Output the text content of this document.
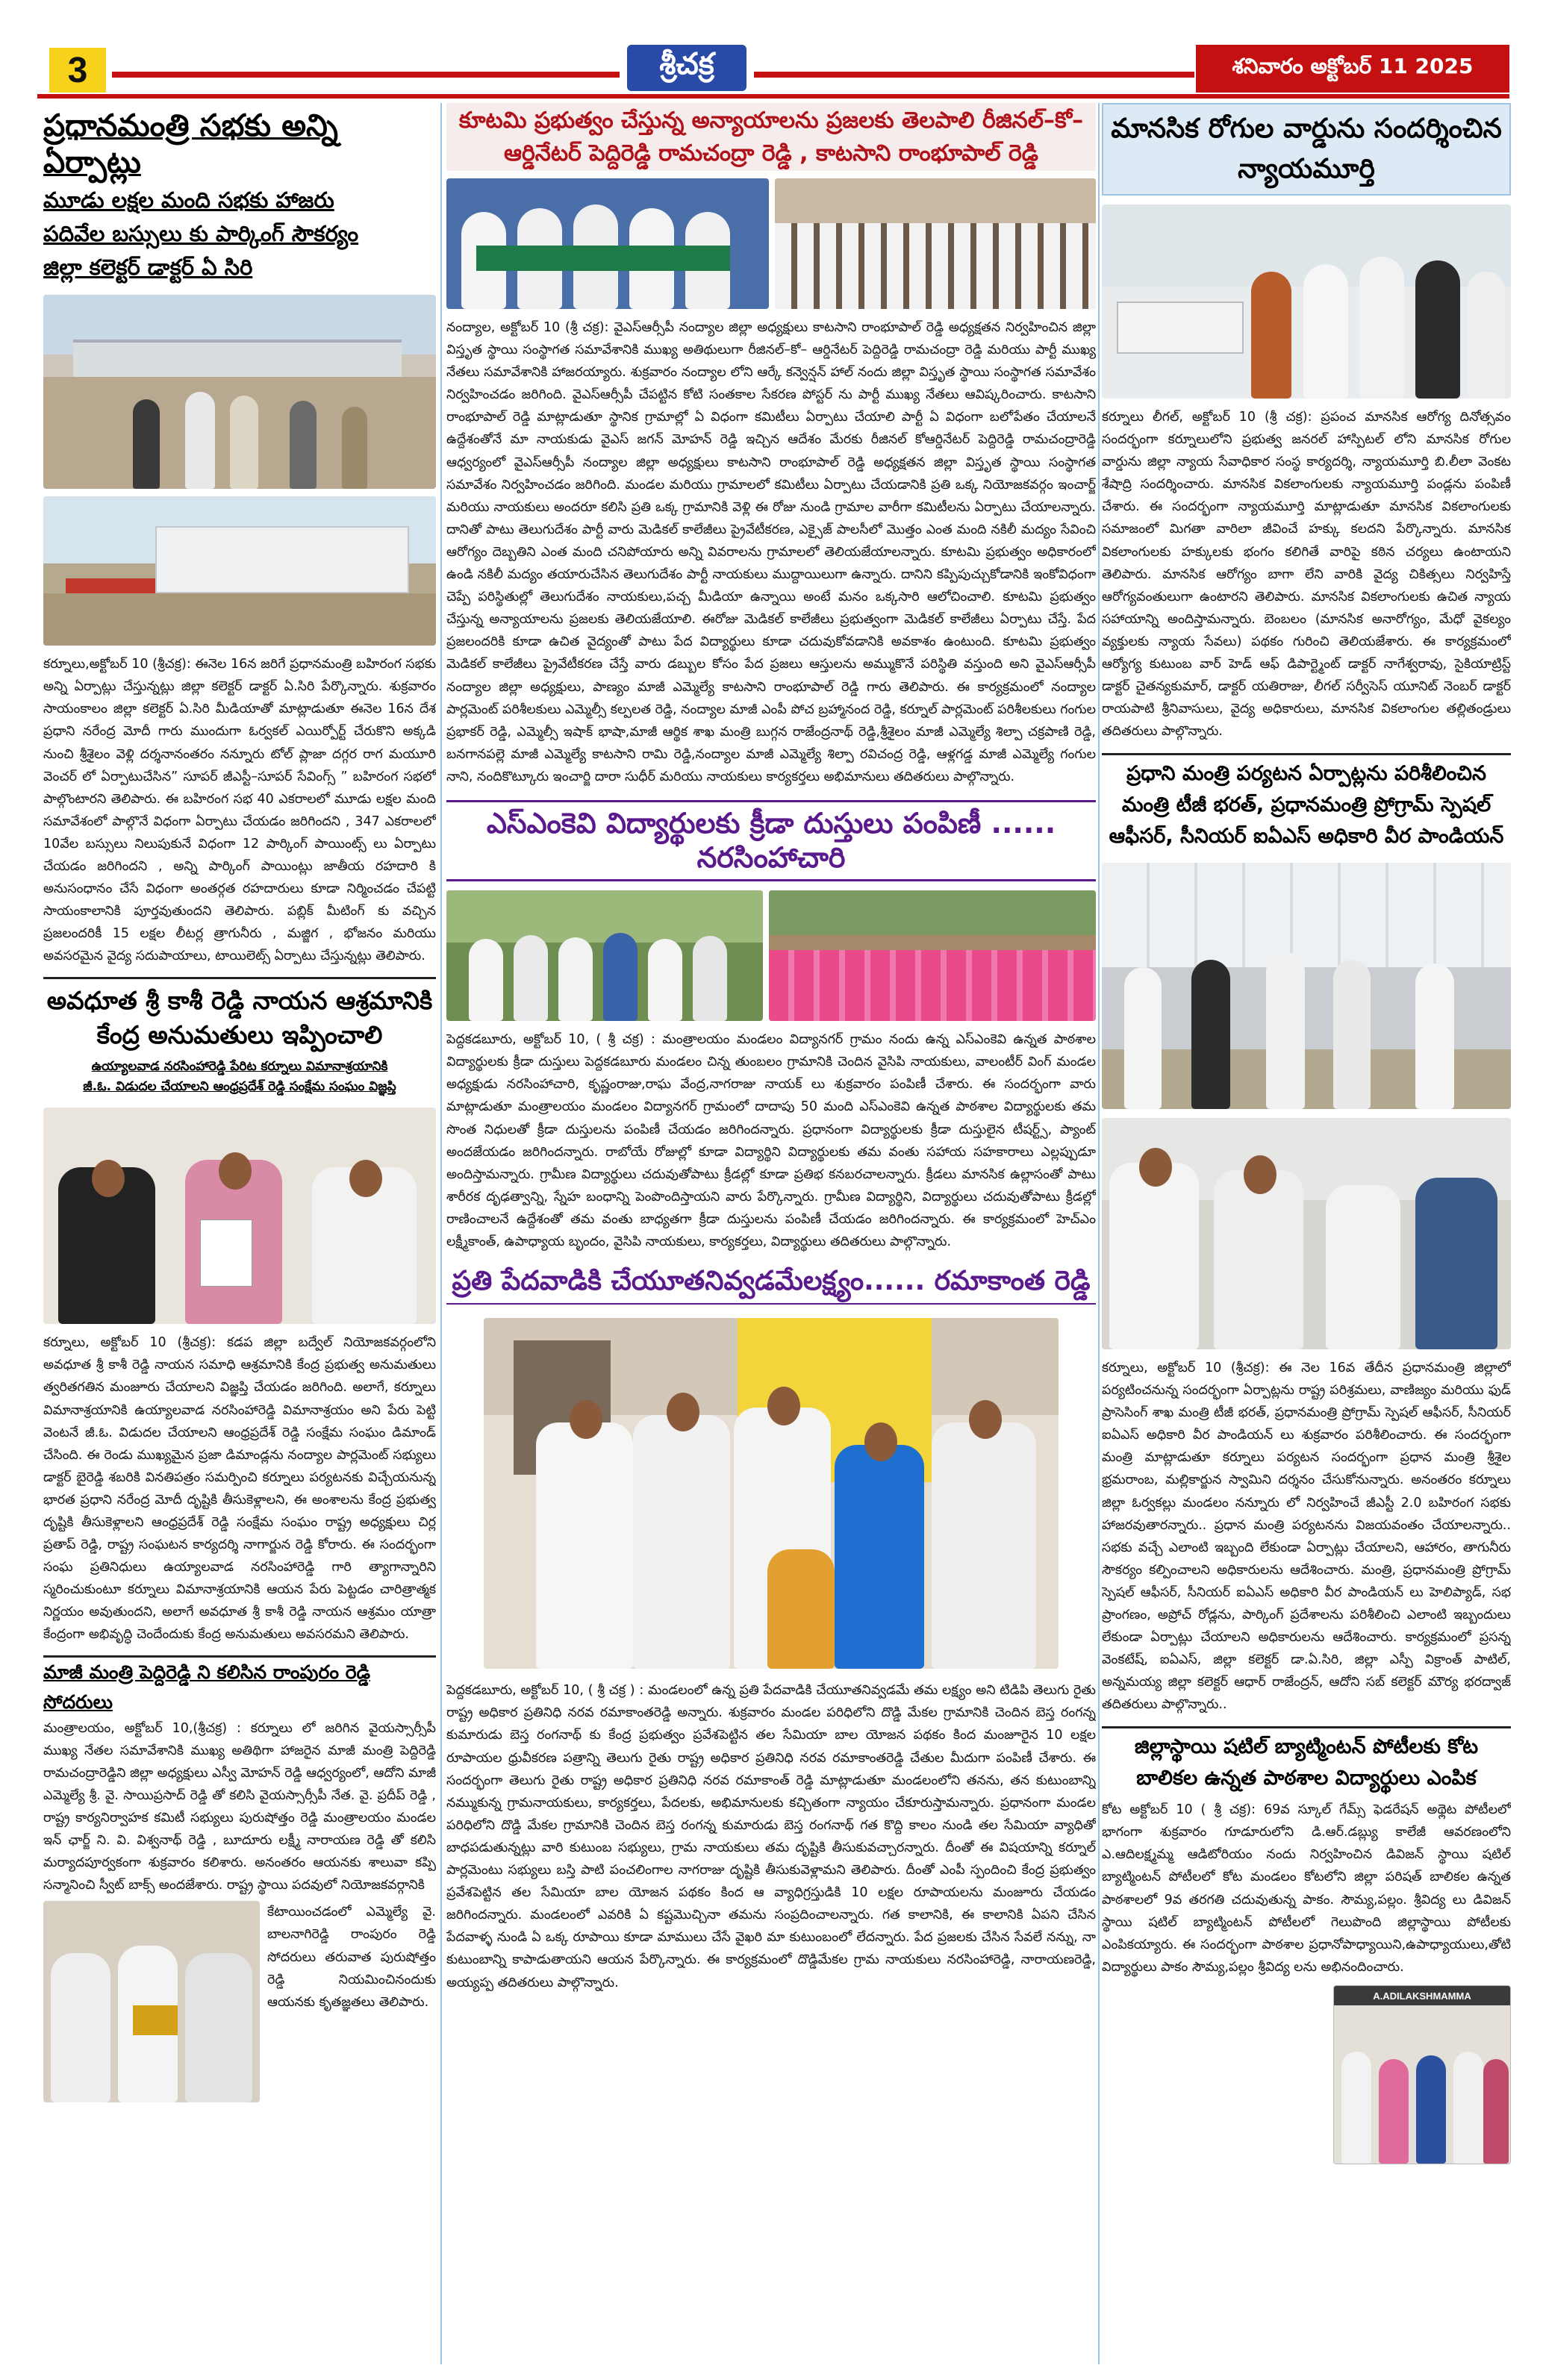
3	శ్రీచక్ర	శనివారం అక్టోబర్ 11 2025
ప్రధానమంత్రి సభకు అన్ని ఏర్పాట్లు
మూడు లక్షల మంది సభకు హాజరు
పదివేల బస్సులు కు పార్కింగ్ సౌకర్యం
జిల్లా కలెక్టర్ డాక్టర్ ఏ సిరి
కర్నూలు,అక్టోబర్ 10 (శ్రీచక్ర): ఈనెల 16న జరిగే ప్రధానమంత్రి బహిరంగ సభకు అన్ని ఏర్పాట్లు చేస్తున్నట్లు జిల్లా కలెక్టర్ డాక్టర్ ఏ.సిరి పేర్కొన్నారు. శుక్రవారం సాయంకాలం జిల్లా కలెక్టర్ ఏ.సిరి మీడియాతో మాట్లాడుతూ ఈనెల 16న దేశ ప్రధాని నరేంద్ర మోదీ గారు ముందుగా ఓర్వకల్ ఎయిర్పోర్ట్ చేరుకొని అక్కడి నుంచి శ్రీశైలం వెళ్లి దర్శనానంతరం నన్నూరు టోల్ ప్లాజా దగ్గర రాగ మయూరి వెంచర్ లో ఏర్పాటుచేసిన” సూపర్ జీఎస్టీ–సూపర్ సేవింగ్స్ ” బహిరంగ సభలో పాల్గొంటారని తెలిపారు. ఈ బహిరంగ సభ 40 ఎకరాలలో మూడు లక్షల మంది సమావేశంలో పాల్గొనే విధంగా ఏర్పాటు చేయడం జరిగిందని , 347 ఎకరాలలో 10వేల బస్సులు నిలుపుకునే విధంగా 12 పార్కింగ్ పాయింట్స్ లు ఏర్పాటు చేయడం జరిగిందని , అన్ని పార్కింగ్ పాయింట్లు జాతీయ రహదారి కి అనుసంధానం చేసే విధంగా అంతర్గత రహదారులు కూడా నిర్మించడం చేపట్టి సాయంకాలానికి పూర్తవుతుందని తెలిపారు. పబ్లిక్ మీటింగ్ కు వచ్చిన ప్రజలందరికీ 15 లక్షల లీటర్ల త్రాగునీరు , మజ్జిగ , భోజనం మరియు అవసరమైన వైద్య సదుపాయాలు, టాయిలెట్స్ ఏర్పాటు చేస్తున్నట్లు తెలిపారు.
అవధూత శ్రీ కాశీ రెడ్డి నాయన ఆశ్రమానికి కేంద్ర అనుమతులు ఇప్పించాలి
ఉయ్యాలవాడ నరసింహారెడ్డి పేరిట కర్నూలు విమానాశ్రయానికి
జీ.ఓ. విడుదల చేయాలని ఆంధ్రప్రదేశ్ రెడ్డి సంక్షేమ సంఘం విజ్ఞప్తి
కర్నూలు, అక్టోబర్ 10 (శ్రీచక్ర): కడప జిల్లా బద్వేల్ నియోజకవర్గంలోని అవధూత శ్రీ కాశీ రెడ్డి నాయన సమాధి ఆశ్రమానికి కేంద్ర ప్రభుత్వ అనుమతులు త్వరితగతిన మంజూరు చేయాలని విజ్ఞప్తి చేయడం జరిగింది. అలాగే, కర్నూలు విమానాశ్రయానికి ఉయ్యాలవాడ నరసింహారెడ్డి విమానాశ్రయం అని పేరు పెట్టి వెంటనే జీ.ఓ. విడుదల చేయాలని ఆంధ్రప్రదేశ్ రెడ్డి సంక్షేమ సంఘం డిమాండ్ చేసింది. ఈ రెండు ముఖ్యమైన ప్రజా డిమాండ్లను నంద్యాల పార్లమెంట్ సభ్యులు డాక్టర్ బైరెడ్డి శబరికి వినతిపత్రం సమర్పించి కర్నూలు పర్యటనకు విచ్చేయనున్న భారత ప్రధాని నరేంద్ర మోదీ దృష్టికి తీసుకెళ్లాలని, ఈ అంశాలను కేంద్ర ప్రభుత్వ దృష్టికి తీసుకెళ్లాలని ఆంధ్రప్రదేశ్ రెడ్డి సంక్షేమ సంఘం రాష్ట్ర అధ్యక్షులు చిర్ల ప్రతాప్ రెడ్డి, రాష్ట్ర సంఘటన కార్యదర్శి నాగార్జున రెడ్డి కోరారు. ఈ సందర్భంగా సంఘ ప్రతినిధులు ఉయ్యాలవాడ నరసింహారెడ్డి గారి త్యాగాన్నారిని స్మరించుకుంటూ కర్నూలు విమానాశ్రయానికి ఆయన పేరు పెట్టడం చారిత్రాత్మక నిర్ణయం అవుతుందని, అలాగే అవధూత శ్రీ కాశీ రెడ్డి నాయన ఆశ్రమం యాత్రా కేంద్రంగా అభివృద్ధి చెందేందుకు కేంద్ర అనుమతులు అవసరమని తెలిపారు.
మాజీ మంత్రి పెద్దిరెడ్డి ని కలిసిన రాంపురం రెడ్డి సోదరులు
మంత్రాలయం, అక్టోబర్ 10,(శ్రీచక్ర) : కర్నూలు లో జరిగిన వైయస్సార్సీపీ ముఖ్య నేతల సమావేశానికి ముఖ్య అతిథిగా హాజరైన మాజీ మంత్రి పెద్దిరెడ్డి రామచంద్రారెడ్డిని జిల్లా అధ్యక్షులు ఎస్వీ మోహన్ రెడ్డి ఆధ్వర్యంలో, ఆదోని మాజీ ఎమ్మెల్యే శ్రీ. వై. సాయిప్రసాద్ రెడ్డి తో కలిసి వైయస్సార్సీపీ నేత. వై. ప్రదీప్ రెడ్డి , రాష్ట్ర కార్యనిర్వాహక కమిటీ సభ్యులు పురుషోత్తం రెడ్డి మంత్రాలయం మండల ఇన్ ఛార్జ్ ని. వి. విశ్వనాథ్ రెడ్డి , బూదూరు లక్ష్మీ నారాయణ రెడ్డి తో కలిసి మర్యాదపూర్వకంగా శుక్రవారం కలిశారు. అనంతరం ఆయనకు శాలువా కప్పి సన్మానించి స్వీట్ బాక్స్ అందజేశారు. రాష్ట్ర స్థాయి పదవులో నియోజకవర్గానికి
కేటాయించడంలో ఎమ్మెల్యే వై. బాలనాగిరెడ్డి రాంపురం రెడ్డి సోదరులు తరువాత పురుషోత్తం రెడ్డి నియమించినందుకు ఆయనకు కృతజ్ఞతలు తెలిపారు.
కూటమి ప్రభుత్వం చేస్తున్న అన్యాయాలను ప్రజలకు తెలపాలి రీజినల్–కో–ఆర్డినేటర్ పెద్దిరెడ్డి రామచంద్రా రెడ్డి , కాటసాని రాంభూపాల్ రెడ్డి
నంద్యాల, అక్టోబర్ 10 (శ్రీ చక్ర): వైఎస్ఆర్సీపీ నంద్యాల జిల్లా అధ్యక్షులు కాటసాని రాంభూపాల్ రెడ్డి అధ్యక్షతన నిర్వహించిన జిల్లా విస్తృత స్థాయి సంస్థాగత సమావేశానికి ముఖ్య అతిథులుగా రీజినల్–కో– ఆర్డినేటర్ పెద్దిరెడ్డి రామచంద్రా రెడ్డి మరియు పార్టీ ముఖ్య నేతలు సమావేశానికి హాజరయ్యారు. శుక్రవారం నంద్యాల లోని ఆర్కే కన్వెన్షన్ హాల్ నందు జిల్లా విస్తృత స్థాయి సంస్థాగత సమావేశం నిర్వహించడం జరిగింది. వైఎస్ఆర్సీపీ చేపట్టిన కోటి సంతకాల సేకరణ పోస్టర్ ను పార్టీ ముఖ్య నేతలు ఆవిష్కరించారు. కాటసాని రాంభూపాల్ రెడ్డి మాట్లాడుతూ స్థానిక గ్రామాల్లో ఏ విధంగా కమిటీలు ఏర్పాటు చేయాలి పార్టీ ఏ విధంగా బలోపేతం చేయాలనే ఉద్దేశంతోనే మా నాయకుడు వైఎస్ జగన్ మోహన్ రెడ్డి ఇచ్చిన ఆదేశం మేరకు రీజినల్ కోఆర్డినేటర్ పెద్దిరెడ్డి రామచంద్రారెడ్డి ఆధ్వర్యంలో వైఎస్ఆర్సీపీ నంద్యాల జిల్లా అధ్యక్షులు కాటసాని రాంభూపాల్ రెడ్డి అధ్యక్షతన జిల్లా విస్తృత స్థాయి సంస్థాగత సమావేశం నిర్వహించడం జరిగింది. మండల మరియు గ్రామాలలో కమిటీలు ఏర్పాటు చేయడానికి ప్రతి ఒక్క నియోజకవర్గం ఇంచార్జ్ మరియు నాయకులు అందరూ కలిసి ప్రతి ఒక్క గ్రామానికి వెళ్లి ఈ రోజు నుండి గ్రామాల వారీగా కమిటీలను ఏర్పాటు చేయాలన్నారు. దానితో పాటు తెలుగుదేశం పార్టీ వారు మెడికల్ కాలేజీలు ప్రైవేటీకరణ, ఎక్సైజ్ పాలసీలో మొత్తం ఎంత మంది నకిలీ మద్యం సేవించి ఆరోగ్యం దెబ్బతిని ఎంత మంది చనిపోయారు అన్ని వివరాలను గ్రామాలలో తెలియజేయాలన్నారు. కూటమి ప్రభుత్వం అధికారంలో ఉండి నకిలీ మద్యం తయారుచేసిన తెలుగుదేశం పార్టీ నాయకులు ముద్దాయిలుగా ఉన్నారు. దానిని కప్పిపుచ్చుకోడానికి ఇంకోవిధంగా చెప్పే పరిస్థితుల్లో తెలుగుదేశం నాయకులు,పచ్చ మీడియా ఉన్నాయి అంటే మనం ఒక్కసారి ఆలోచించాలి. కూటమి ప్రభుత్వం చేస్తున్న అన్యాయాలను ప్రజలకు తెలియజేయాలి. ఈరోజు మెడికల్ కాలేజీలు ప్రభుత్వంగా మెడికల్ కాలేజీలు ఏర్పాటు చేస్తే. పేద ప్రజలందరికి కూడా ఉచిత వైద్యంతో పాటు పేద విద్యార్థులు కూడా చదువుకోవడానికి అవకాశం ఉంటుంది. కూటమి ప్రభుత్వం మెడికల్ కాలేజీలు ప్రైవేటీకరణ చేస్తే వారు డబ్బుల కోసం పేద ప్రజలు ఆస్తులను అమ్ముకొనే పరిస్థితి వస్తుంది అని వైఎస్ఆర్సీపీ నంద్యాల జిల్లా అధ్యక్షులు, పాణ్యం మాజీ ఎమ్మెల్యే కాటసాని రాంభూపాల్ రెడ్డి గారు తెలిపారు. ఈ కార్యక్రమంలో నంద్యాల పార్లమెంట్ పరిశీలకులు ఎమ్మెల్సీ కల్పలత రెడ్డి, నంద్యాల మాజీ ఎంపీ పోచ బ్రహ్మానంద రెడ్డి, కర్నూల్ పార్లమెంట్ పరిశీలకులు గంగుల ప్రభాకర్ రెడ్డి, ఎమ్మెల్సీ ఇషాక్ భాషా,మాజీ ఆర్థిక శాఖ మంత్రి బుగ్గన రాజేంద్రనాథ్ రెడ్డి,శ్రీశైలం మాజీ ఎమ్మెల్యే శిల్పా చక్రపాణి రెడ్డి, బనగానపల్లె మాజీ ఎమ్మెల్యే కాటసాని రామి రెడ్డి,నంద్యాల మాజీ ఎమ్మెల్యే శిల్పా రవిచంద్ర రెడ్డి, ఆళ్లగడ్డ మాజీ ఎమ్మెల్యే గంగుల నాని, నందికొట్కూరు ఇంచార్జి దారా సుధీర్ మరియు నాయకులు కార్యకర్తలు అభిమానులు తదితరులు పాల్గొన్నారు.
ఎస్ఎంకెవి విద్యార్థులకు క్రీడా దుస్తులు పంపిణీ ...... నరసింహాచారి
పెద్దకడబూరు, అక్టోబర్ 10, ( శ్రీ చక్ర) : మంత్రాలయం మండలం విద్యానగర్ గ్రామం నందు ఉన్న ఎస్ఎంకెవి ఉన్నత పాఠశాల విద్యార్థులకు క్రీడా దుస్తులు పెద్దకడబూరు మండలం చిన్న తుంబలం గ్రామానికి చెందిన వైసిపి నాయకులు, వాలంటీర్ వింగ్ మండల అధ్యక్షుడు నరసింహాచారి, కృష్ణంరాజు,రాఘ వేంద్ర,నాగరాజు నాయక్ లు శుక్రవారం పంపిణీ చేశారు. ఈ సందర్భంగా వారు మాట్లాడుతూ మంత్రాలయం మండలం విద్యానగర్ గ్రామంలో దాదాపు 50 మంది ఎస్ఎంకెవి ఉన్నత పాఠశాల విద్యార్థులకు తమ సొంత నిధులతో క్రీడా దుస్తులను పంపిణీ చేయడం జరిగిందన్నారు. ప్రధానంగా విద్యార్థులకు క్రీడా దుస్తులైన టీషర్ట్స్, ప్యాంట్ అందజేయడం జరిగిందన్నారు. రాబోయే రోజుల్లో కూడా విద్యార్థిని విద్యార్థులకు తమ వంతు సహాయ సహకారాలు ఎల్లప్పుడూ అందిస్తామన్నారు. గ్రామీణ విద్యార్థులు చదువుతోపాటు క్రీడల్లో కూడా ప్రతిభ కనబరచాలన్నారు. క్రీడలు మానసిక ఉల్లాసంతో పాటు శారీరక దృఢత్వాన్ని, స్నేహ బంధాన్ని పెంపొందిస్తాయని వారు పేర్కొన్నారు. గ్రామీణ విద్యార్థిని, విద్యార్థులు చదువుతోపాటు క్రీడల్లో రాణించాలనే ఉద్దేశంతో తమ వంతు బాధ్యతగా క్రీడా దుస్తులను పంపిణీ చేయడం జరిగిందన్నారు. ఈ కార్యక్రమంలో హెచ్ఎం లక్ష్మీకాంత్, ఉపాధ్యాయ బృందం, వైసిపి నాయకులు, కార్యకర్తలు, విద్యార్థులు తదితరులు పాల్గొన్నారు.
ప్రతి పేదవాడికి చేయూతనివ్వడమేలక్ష్యం...... రమాకాంత రెడ్డి
పెద్దకడబూరు, అక్టోబర్ 10, ( శ్రీ చక్ర ) : మండలంలో ఉన్న ప్రతి పేదవాడికి చేయూతనివ్వడమే తమ లక్ష్యం అని టిడిపి తెలుగు రైతు రాష్ట్ర అధికార ప్రతినిధి నరవ రమాకాంతరెడ్డి అన్నారు. శుక్రవారం మండల పరిధిలోని దొడ్డి మేకల గ్రామానికి చెందిన బెస్త రంగన్న కుమారుడు బెస్త రంగనాథ్ కు కేంద్ర ప్రభుత్వం ప్రవేశపెట్టిన తల సేమియా బాల యోజన పథకం కింద మంజూరైన 10 లక్షల రూపాయల ధ్రువీకరణ పత్రాన్ని తెలుగు రైతు రాష్ట్ర అధికార ప్రతినిధి నరవ రమాకాంతరెడ్డి చేతుల మీదుగా పంపిణీ చేశారు. ఈ సందర్భంగా తెలుగు రైతు రాష్ట్ర అధికార ప్రతినిధి నరవ రమాకాంత్ రెడ్డి మాట్లాడుతూ మండలంలోని తనను, తన కుటుంబాన్ని నమ్ముకున్న గ్రామనాయకులు, కార్యకర్తలు, పేదలకు, అభిమానులకు కచ్చితంగా న్యాయం చేకూరుస్తామన్నారు. ప్రధానంగా మండల పరిధిలోని దొడ్డి మేకల గ్రామానికి చెందిన బెస్త రంగన్న కుమారుడు బెస్త రంగనాథ్ గత కొద్ది కాలం నుండి తల సేమియా వ్యాధితో బాధపడుతున్నట్లు వారి కుటుంబ సభ్యులు, గ్రామ నాయకులు తమ దృష్టికి తీసుకువచ్చారన్నారు. దీంతో ఈ విషయాన్ని కర్నూల్ పార్లమెంటు సభ్యులు బస్తి పాటి పంచలింగాల నాగరాజు దృష్టికి తీసుకువెళ్లామని తెలిపారు. దీంతో ఎంపీ స్పందించి కేంద్ర ప్రభుత్వం ప్రవేశపెట్టిన తల సేమియా బాల యోజన పథకం కింద ఆ వ్యాధిగ్రస్తుడికి 10 లక్షల రూపాయలను మంజూరు చేయడం జరిగిందన్నారు. మండలంలో ఎవరికి ఏ కష్టమొచ్చినా తమను సంప్రదించాలన్నారు. గత కాలానికి, ఈ కాలానికి ఏపని చేసిన పేదవాళ్ళ నుండి ఏ ఒక్క రూపాయి కూడా మాములు చేసే వైఖరి మా కుటుంబంలో లేదన్నారు. పేద ప్రజలకు చేసిన సేవలే నన్ను, నా కుటుంబాన్ని కాపాడుతాయని ఆయన పేర్కొన్నారు. ఈ కార్యక్రమంలో దొడ్డిమేకల గ్రామ నాయకులు నరసింహారెడ్డి, నారాయణరెడ్డి, అయ్యప్ప తదితరులు పాల్గొన్నారు.
మానసిక రోగుల వార్డును సందర్శించిన న్యాయమూర్తి
కర్నూలు లీగల్, అక్టోబర్ 10 (శ్రీ చక్ర): ప్రపంచ మానసిక ఆరోగ్య దినోత్సవం సందర్భంగా కర్నూలులోని ప్రభుత్వ జనరల్ హాస్పిటల్ లోని మానసిక రోగుల వార్డును జిల్లా న్యాయ సేవాధికార సంస్థ కార్యదర్శి, న్యాయమూర్తి బి.లీలా వెంకట శేషాద్రి సందర్శించారు. మానసిక వికలాంగులకు న్యాయమూర్తి పండ్లను పంపిణీ చేశారు. ఈ సందర్భంగా న్యాయమూర్తి మాట్లాడుతూ మానసిక వికలాంగులకు సమాజంలో మిగతా వారిలా జీవించే హక్కు కలదని పేర్కొన్నారు. మానసిక వికలాంగులకు హక్కులకు భంగం కలిగితే వారిపై కఠిన చర్యలు ఉంటాయని తెలిపారు. మానసిక ఆరోగ్యం బాగా లేని వారికి వైద్య చికిత్సలు నిర్వహిస్తే ఆరోగ్యవంతులుగా ఉంటారని తెలిపారు. మానసిక వికలాంగులకు ఉచిత న్యాయ సహాయాన్ని అందిస్తామన్నారు. బెంబలం (మానసిక అనారోగ్యం, మేధో వైకల్యం వ్యక్తులకు న్యాయ సేవలు) పథకం గురించి తెలియజేశారు. ఈ కార్యక్రమంలో ఆర్యోగ్య కుటుంబ వార్ హెడ్ ఆఫ్ డిపార్ట్మెంట్ డాక్టర్ నాగేశ్వరావు, సైకియాట్రిస్ట్ డాక్టర్ చైతన్యకుమార్, డాక్టర్ యతిరాజు, లీగల్ సర్వీసెస్ యూనిట్ నెంబర్ డాక్టర్ రాయపాటి శ్రీనివాసులు, వైద్య అధికారులు, మానసిక వికలాంగుల తల్లితండ్రులు తదితరులు పాల్గొన్నారు.
ప్రధాని మంత్రి పర్యటన ఏర్పాట్లను పరిశీలించిన మంత్రి టీజీ భరత్, ప్రధానమంత్రి ప్రోగ్రామ్ స్పెషల్ ఆఫీసర్, సీనియర్ ఐఏఎస్ అధికారి వీర పాండియన్
కర్నూలు, అక్టోబర్ 10 (శ్రీచక్ర): ఈ నెల 16వ తేదీన ప్రధానమంత్రి జిల్లాలో పర్యటించనున్న సందర్భంగా ఏర్పాట్లను రాష్ట్ర పరిశ్రమలు, వాణిజ్యం మరియు ఫుడ్ ప్రాసెసింగ్ శాఖ మంత్రి టీజీ భరత్, ప్రధానమంత్రి ప్రోగ్రామ్ స్పెషల్ ఆఫీసర్, సీనియర్ ఐఏఎస్ అధికారి వీర పాండియన్ లు శుక్రవారం పరిశీలించారు. ఈ సందర్భంగా మంత్రి మాట్లాడుతూ కర్నూలు పర్యటన సందర్భంగా ప్రధాన మంత్రి శ్రీశైల భ్రమరాంబ, మల్లికార్జున స్వామిని దర్శనం చేసుకోనున్నారు. అనంతరం కర్నూలు జిల్లా ఓర్వకల్లు మండలం నన్నూరు లో నిర్వహించే జీఎస్టీ 2.0 బహిరంగ సభకు హాజరవుతారన్నారు.. ప్రధాన మంత్రి పర్యటనను విజయవంతం చేయాలన్నారు.. సభకు వచ్చే ఎలాంటి ఇబ్బంది లేకుండా ఏర్పాట్లు చేయాలని, ఆహారం, తాగునీరు సౌకర్యం కల్పించాలని అధికారులను ఆదేశించారు. మంత్రి, ప్రధానమంత్రి ప్రోగ్రామ్ స్పెషల్ ఆఫీసర్, సీనియర్ ఐఏఎస్ అధికారి వీర పాండియన్ లు హెలిప్యాడ్, సభ ప్రాంగణం, అప్రోచ్ రోడ్లను, పార్కింగ్ ప్రదేశాలను పరిశీలించి ఎలాంటి ఇబ్బందులు లేకుండా ఏర్పాట్లు చేయాలని అధికారులను ఆదేశించారు. కార్యక్రమంలో ప్రసన్న వెంకటేష్, ఐఏఎస్, జిల్లా కలెక్టర్ డా.ఏ.సిరి, జిల్లా ఎస్పీ విక్రాంత్ పాటిల్, అన్నమయ్య జిల్లా కలెక్టర్ ఆధార్ రాజేంద్రన్, ఆదోని సబ్ కలెక్టర్ మౌర్య భరద్వాజ్ తదితరులు పాల్గొన్నారు..
జిల్లాస్థాయి షటిల్ బ్యాట్మింటన్ పోటీలకు కోట బాలికల ఉన్నత పాఠశాల విద్యార్థులు ఎంపిక
కోట అక్టోబర్ 10 ( శ్రీ చక్ర): 69వ స్కూల్ గేమ్స్ ఫెడరేషన్ అథ్లెట పోటీలలో భాగంగా శుక్రవారం గూడూరులోని డి.ఆర్.డబ్ల్యు కాలేజీ ఆవరణంలోని ఎ.ఆదిలక్ష్మమ్మ ఆడిటోరియం నందు నిర్వహించిన డివిజన్ స్థాయి షటిల్ బ్యాట్మింటన్ పోటీలలో కోట మండలం కోటలోని జిల్లా పరిషత్ బాలికల ఉన్నత పాఠశాలలో 9వ తరగతి చదువుతున్న పాకం. సౌమ్య,పల్లం. శ్రీవిద్య లు డివిజన్ స్థాయి షటిల్ బ్యాట్మింటన్ పోటీలలో గెలుపొంది జిల్లాస్థాయి పోటీలకు ఎంపికయ్యారు. ఈ సందర్భంగా పాఠశాల ప్రధానోపాధ్యాయిని,ఉపాధ్యాయులు,తోటి విద్యార్థులు పాకం సౌమ్య,పల్లం శ్రీవిద్య లను అభినందించారు.
A.ADILAKSHMAMMA
